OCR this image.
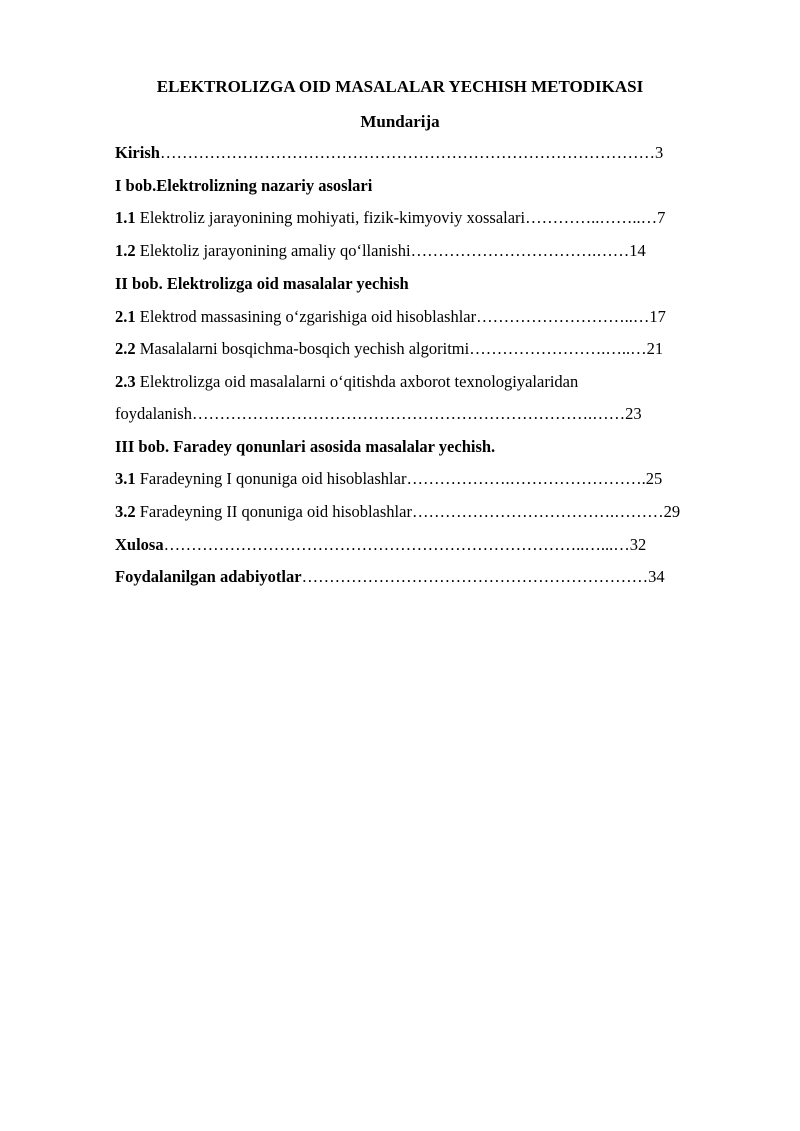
ELEKTROLIZGA OID MASALALAR YECHISH METODIKASI
Mundarija
Kirish………………………………………………………………………………3
I bob.Elektrolizning nazariy asoslari
1.1 Elektroliz jarayonining mohiyati, fizik-kimyoviy xossalari…………..……..…7
1.2 Elektoliz jarayonining amaliy qo‘llanishi…………………………….……14
II bob. Elektrolizga oid masalalar yechish
2.1 Elektrod massasining o‘zgarishiga oid hisoblashlar………………………..…17
2.2 Masalalarni bosqichma-bosqich yechish algoritmi…………………….…..…21
2.3 Elektrolizga oid masalalarni o‘qitishda axborot texnologiyalaridan
foydalanish……………………………………………………………….……23
III bob. Faradey qonunlari asosida masalalar yechish.
3.1 Faradeyning I qonuniga oid hisoblashlar……………….…………………….25
3.2 Faradeyning II qonuniga oid hisoblashlar……………………………….………29
Xulosa…………………………………………………………………..…...…32
Foydalanilgan adabiyotlar………………………………………………………34
